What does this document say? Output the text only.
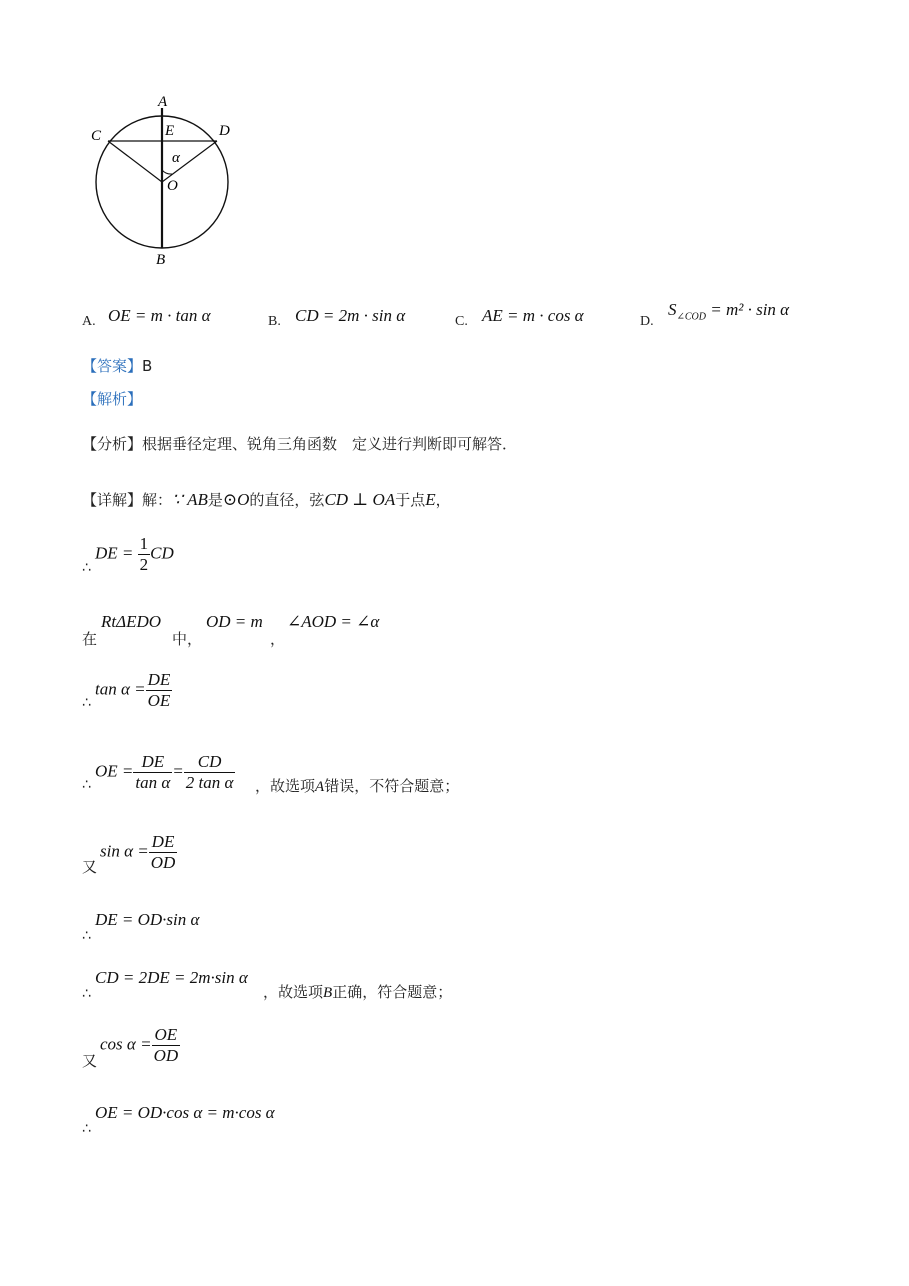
A
B
C	D
E
O
α
A. OE = m · tan α	B. CD = 2m · sin α	C. AE = m · cos α	D.
$S_{\angle COD} = m^2 \cdot \sin \alpha$
【答案】B
【解析】
【分析】根据垂径定理、锐角三角函数　定义进行判断即可解答．
【详解】解：∵ AB是⊙O的直径，弦CD ⊥ OA于点E，
∴
DE = $\frac{1}{2}$ CD
在
RtΔEDO
中，
OD = m
，
∠AOD = ∠α
∴
$\tan \alpha = \frac{DE}{OE}$
∴
OE = $\frac{DE}{\text{tan α}} = \frac{CD}{\text{2 tan α}}$ ，故选项A错误，不符合题意；
又
$\sin \alpha = \frac{DE}{OD}$
∴
DE = OD·sin α
∴
CD = 2DE = 2m·sin α
，故选项B正确，符合题意；
又
$\cos \alpha = \frac{OE}{OD}$
∴
OE = OD·cos α = m·cos α
